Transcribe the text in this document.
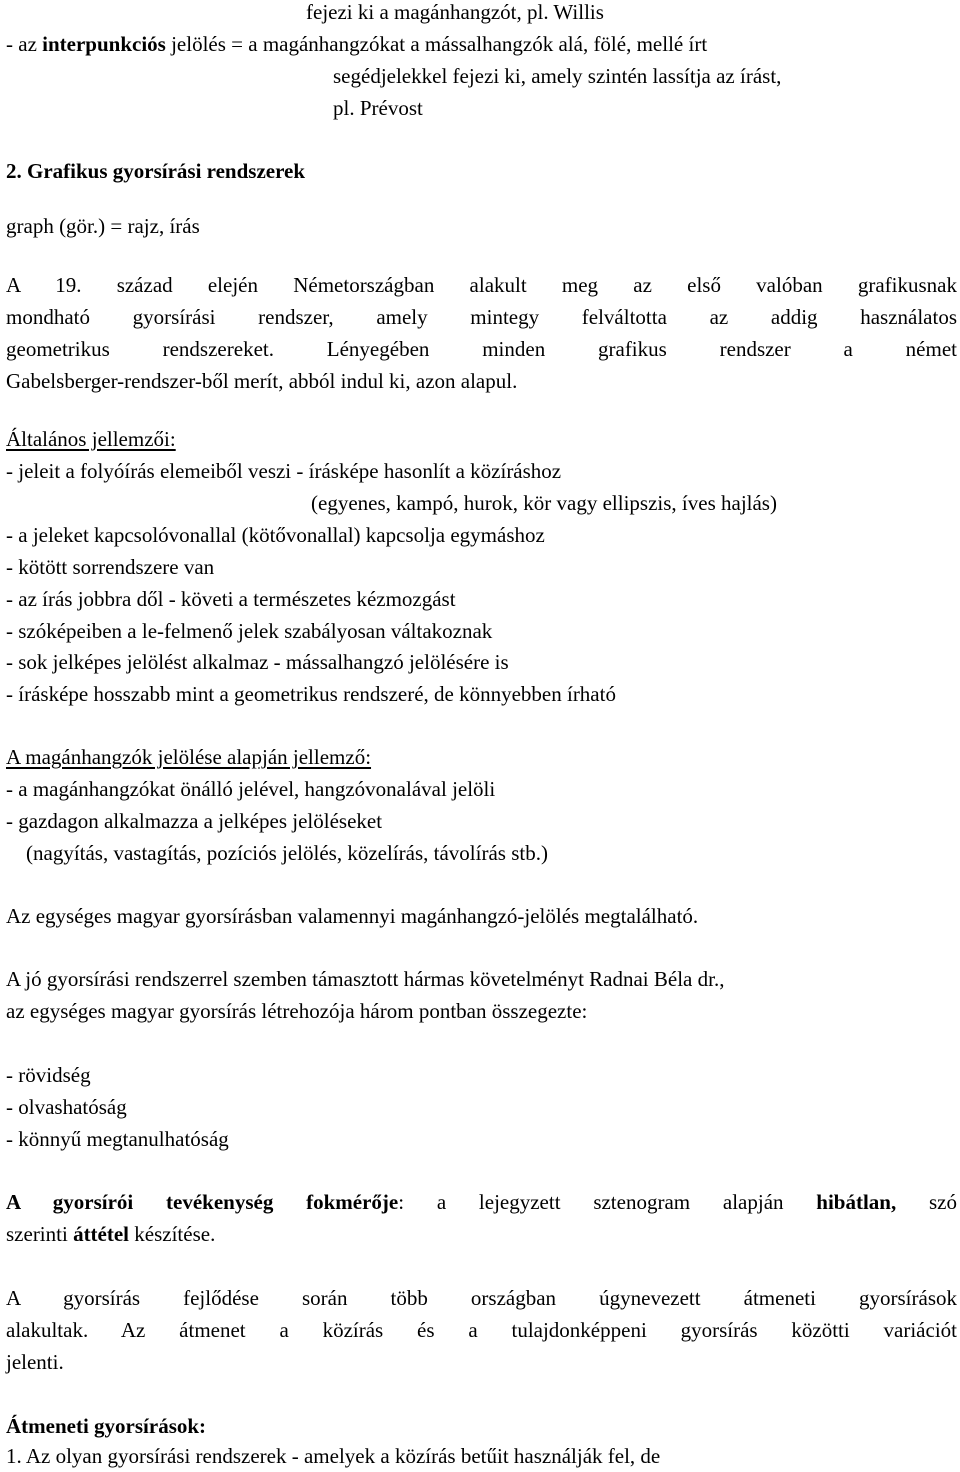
fejezi ki a magánhangzót, pl. Willis
- az interpunkciós jelölés = a magánhangzókat a mássalhangzók alá, fölé, mellé írt
segédjelekkel fejezi ki, amely szintén lassítja az írást,
pl. Prévost
2. Grafikus gyorsírási rendszerek
graph (gör.) = rajz, írás
A 19. század elején Németországban alakult meg az első valóban grafikusnak
mondható gyorsírási rendszer, amely mintegy felváltotta az addig használatos
geometrikus rendszereket. Lényegében minden grafikus rendszer a német
Gabelsberger-rendszer-ből merít, abból indul ki, azon alapul.
Általános jellemzői:
- jeleit a folyóírás elemeiből veszi - írásképe hasonlít a közíráshoz
(egyenes, kampó, hurok, kör vagy ellipszis, íves hajlás)
- a jeleket kapcsolóvonallal (kötővonallal) kapcsolja egymáshoz
- kötött sorrendszere van
- az írás jobbra dől - követi a természetes kézmozgást
- szóképeiben a le-felmenő jelek szabályosan váltakoznak
- sok jelképes jelölést alkalmaz - mássalhangzó jelölésére is
- írásképe hosszabb mint a geometrikus rendszeré, de könnyebben írható
A magánhangzók jelölése alapján jellemző:
- a magánhangzókat önálló jelével, hangzóvonalával jelöli
- gazdagon alkalmazza a jelképes jelöléseket
(nagyítás, vastagítás, pozíciós jelölés, közelírás, távolírás stb.)
Az egységes magyar gyorsírásban valamennyi magánhangzó-jelölés megtalálható.
A jó gyorsírási rendszerrel szemben támasztott hármas követelményt Radnai Béla dr.,
az egységes magyar gyorsírás létrehozója három pontban összegezte:
- rövidség
- olvashatóság
- könnyű megtanulhatóság
A gyorsírói tevékenység fokmérője: a lejegyzett sztenogram alapján hibátlan, szó
szerinti áttétel készítése.
A gyorsírás fejlődése során több országban úgynevezett átmeneti gyorsírások
alakultak. Az átmenet a közírás és a tulajdonképpeni gyorsírás közötti variációt
jelenti.
Átmeneti gyorsírások:
1. Az olyan gyorsírási rendszerek - amelyek a közírás betűit használják fel, de
